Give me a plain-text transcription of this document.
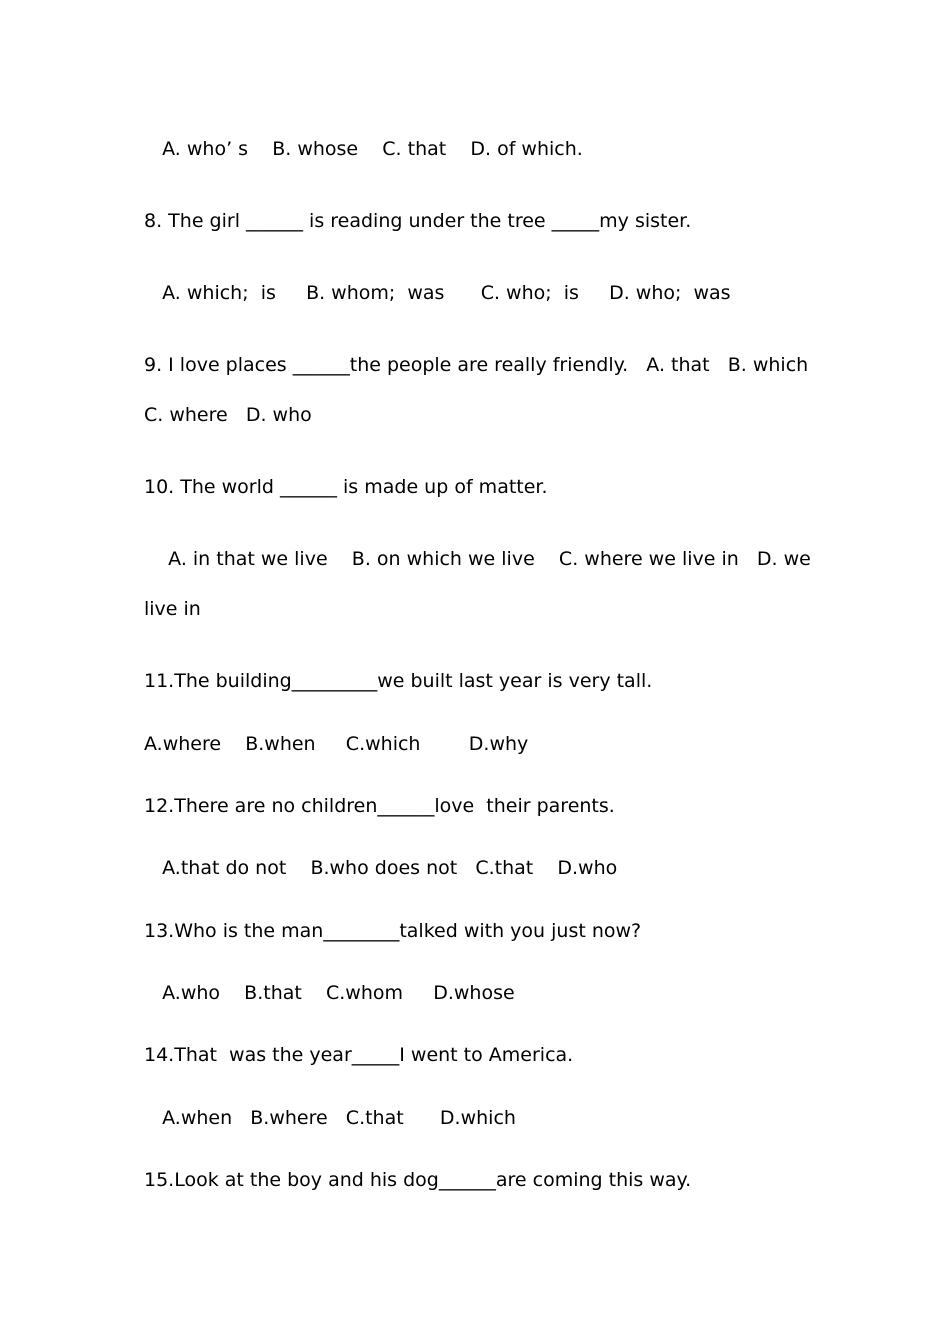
A. who’ s    B. whose    C. that    D. of which.
8. The girl ______ is reading under the tree _____my sister.
A. which;  is     B. whom;  was      C. who;  is     D. who;  was
9. I love places ______the people are really friendly.   A. that   B. which
C. where   D. who
10. The world ______ is made up of matter.
A. in that we live    B. on which we live    C. where we live in   D. we
live in
11.The building_________we built last year is very tall.
A.where    B.when     C.which        D.why
12.There are no children______love  their parents.
A.that do not    B.who does not   C.that    D.who
13.Who is the man________talked with you just now?
A.who    B.that    C.whom     D.whose
14.That  was the year_____I went to America.
A.when   B.where   C.that      D.which
15.Look at the boy and his dog______are coming this way.
